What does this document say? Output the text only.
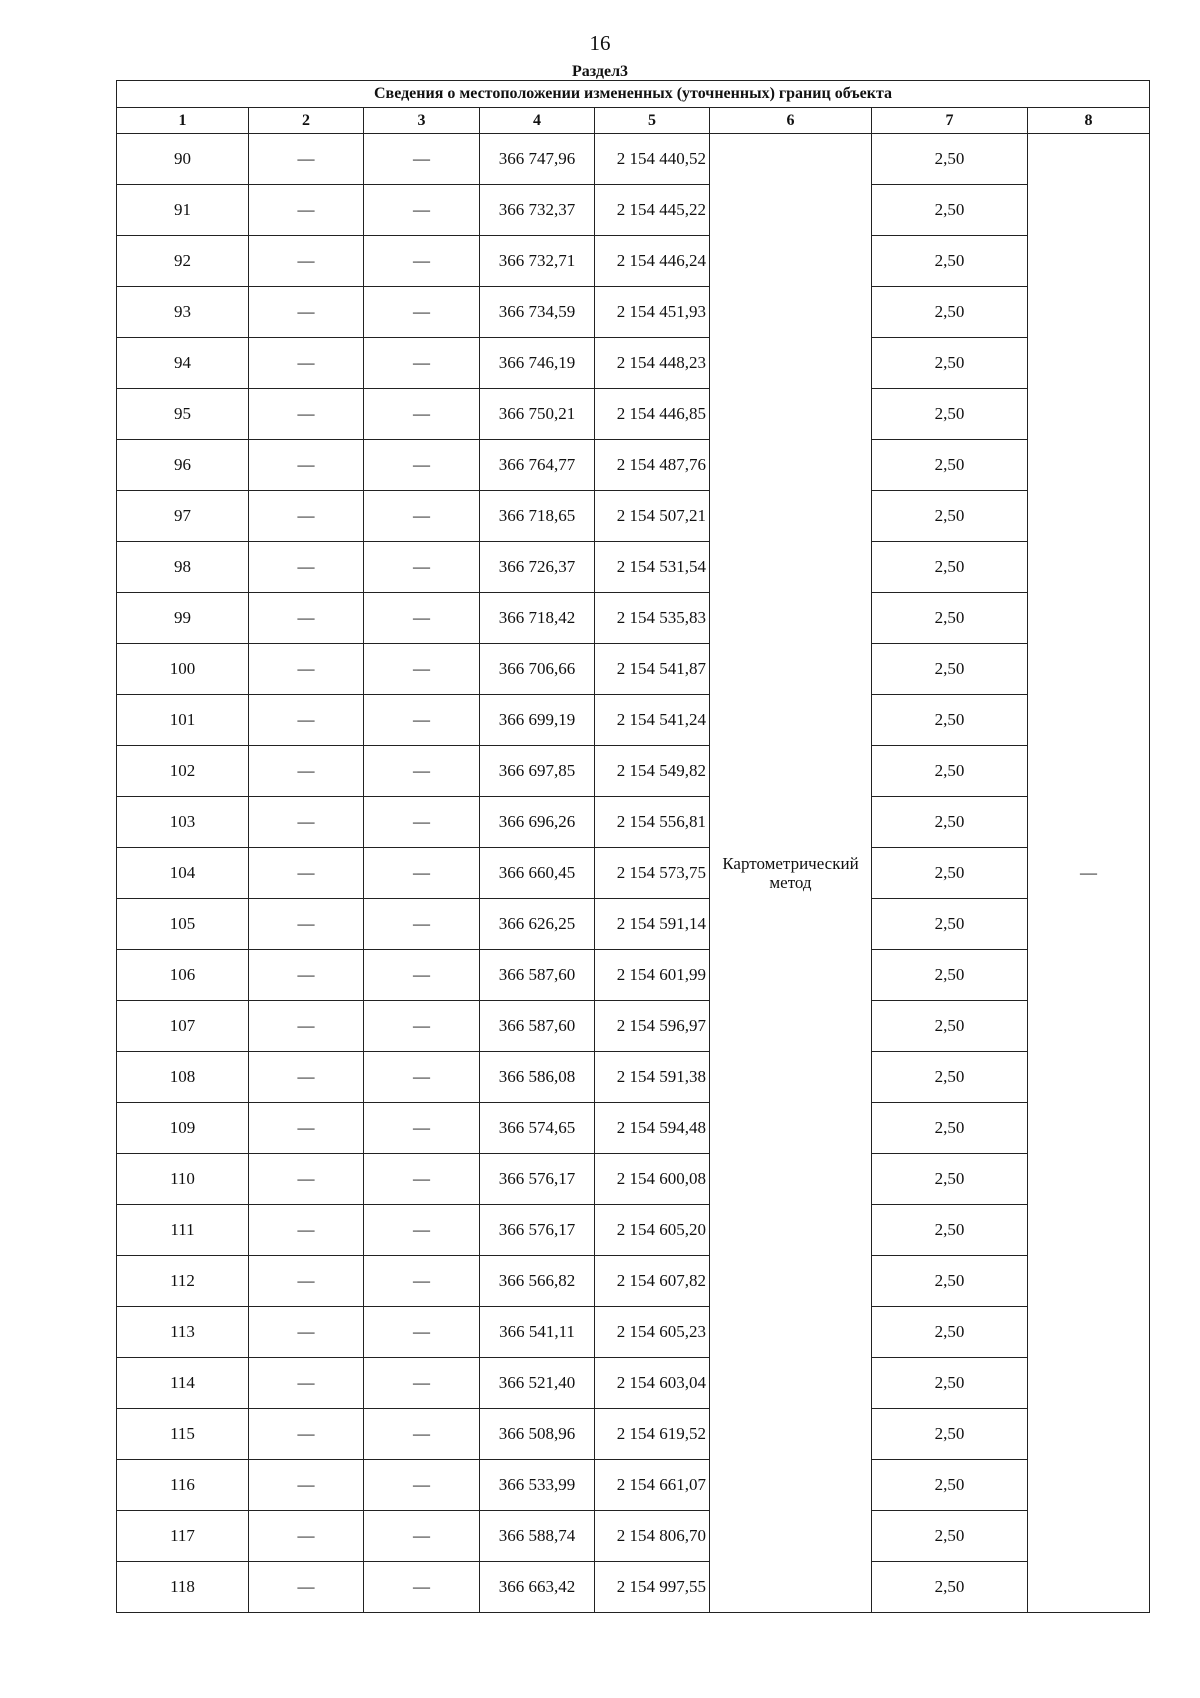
16
Раздел3
Сведения о местоположении измененных (уточненных) границ объекта							
1	2	3	4	5	6	7	8
90	—	—	366 747,96	2 154 440,52	Картометрический метод	2,50	—
91	—	—	366 732,37	2 154 445,22		2,50	
92	—	—	366 732,71	2 154 446,24		2,50	
93	—	—	366 734,59	2 154 451,93		2,50	
94	—	—	366 746,19	2 154 448,23		2,50	
95	—	—	366 750,21	2 154 446,85		2,50	
96	—	—	366 764,77	2 154 487,76		2,50	
97	—	—	366 718,65	2 154 507,21		2,50	
98	—	—	366 726,37	2 154 531,54		2,50	
99	—	—	366 718,42	2 154 535,83		2,50	
100	—	—	366 706,66	2 154 541,87		2,50	
101	—	—	366 699,19	2 154 541,24		2,50	
102	—	—	366 697,85	2 154 549,82		2,50	
103	—	—	366 696,26	2 154 556,81		2,50	
104	—	—	366 660,45	2 154 573,75		2,50	
105	—	—	366 626,25	2 154 591,14		2,50	
106	—	—	366 587,60	2 154 601,99		2,50	
107	—	—	366 587,60	2 154 596,97		2,50	
108	—	—	366 586,08	2 154 591,38		2,50	
109	—	—	366 574,65	2 154 594,48		2,50	
110	—	—	366 576,17	2 154 600,08		2,50	
111	—	—	366 576,17	2 154 605,20		2,50	
112	—	—	366 566,82	2 154 607,82		2,50	
113	—	—	366 541,11	2 154 605,23		2,50	
114	—	—	366 521,40	2 154 603,04		2,50	
115	—	—	366 508,96	2 154 619,52		2,50	
116	—	—	366 533,99	2 154 661,07		2,50	
117	—	—	366 588,74	2 154 806,70		2,50	
118	—	—	366 663,42	2 154 997,55		2,50	
